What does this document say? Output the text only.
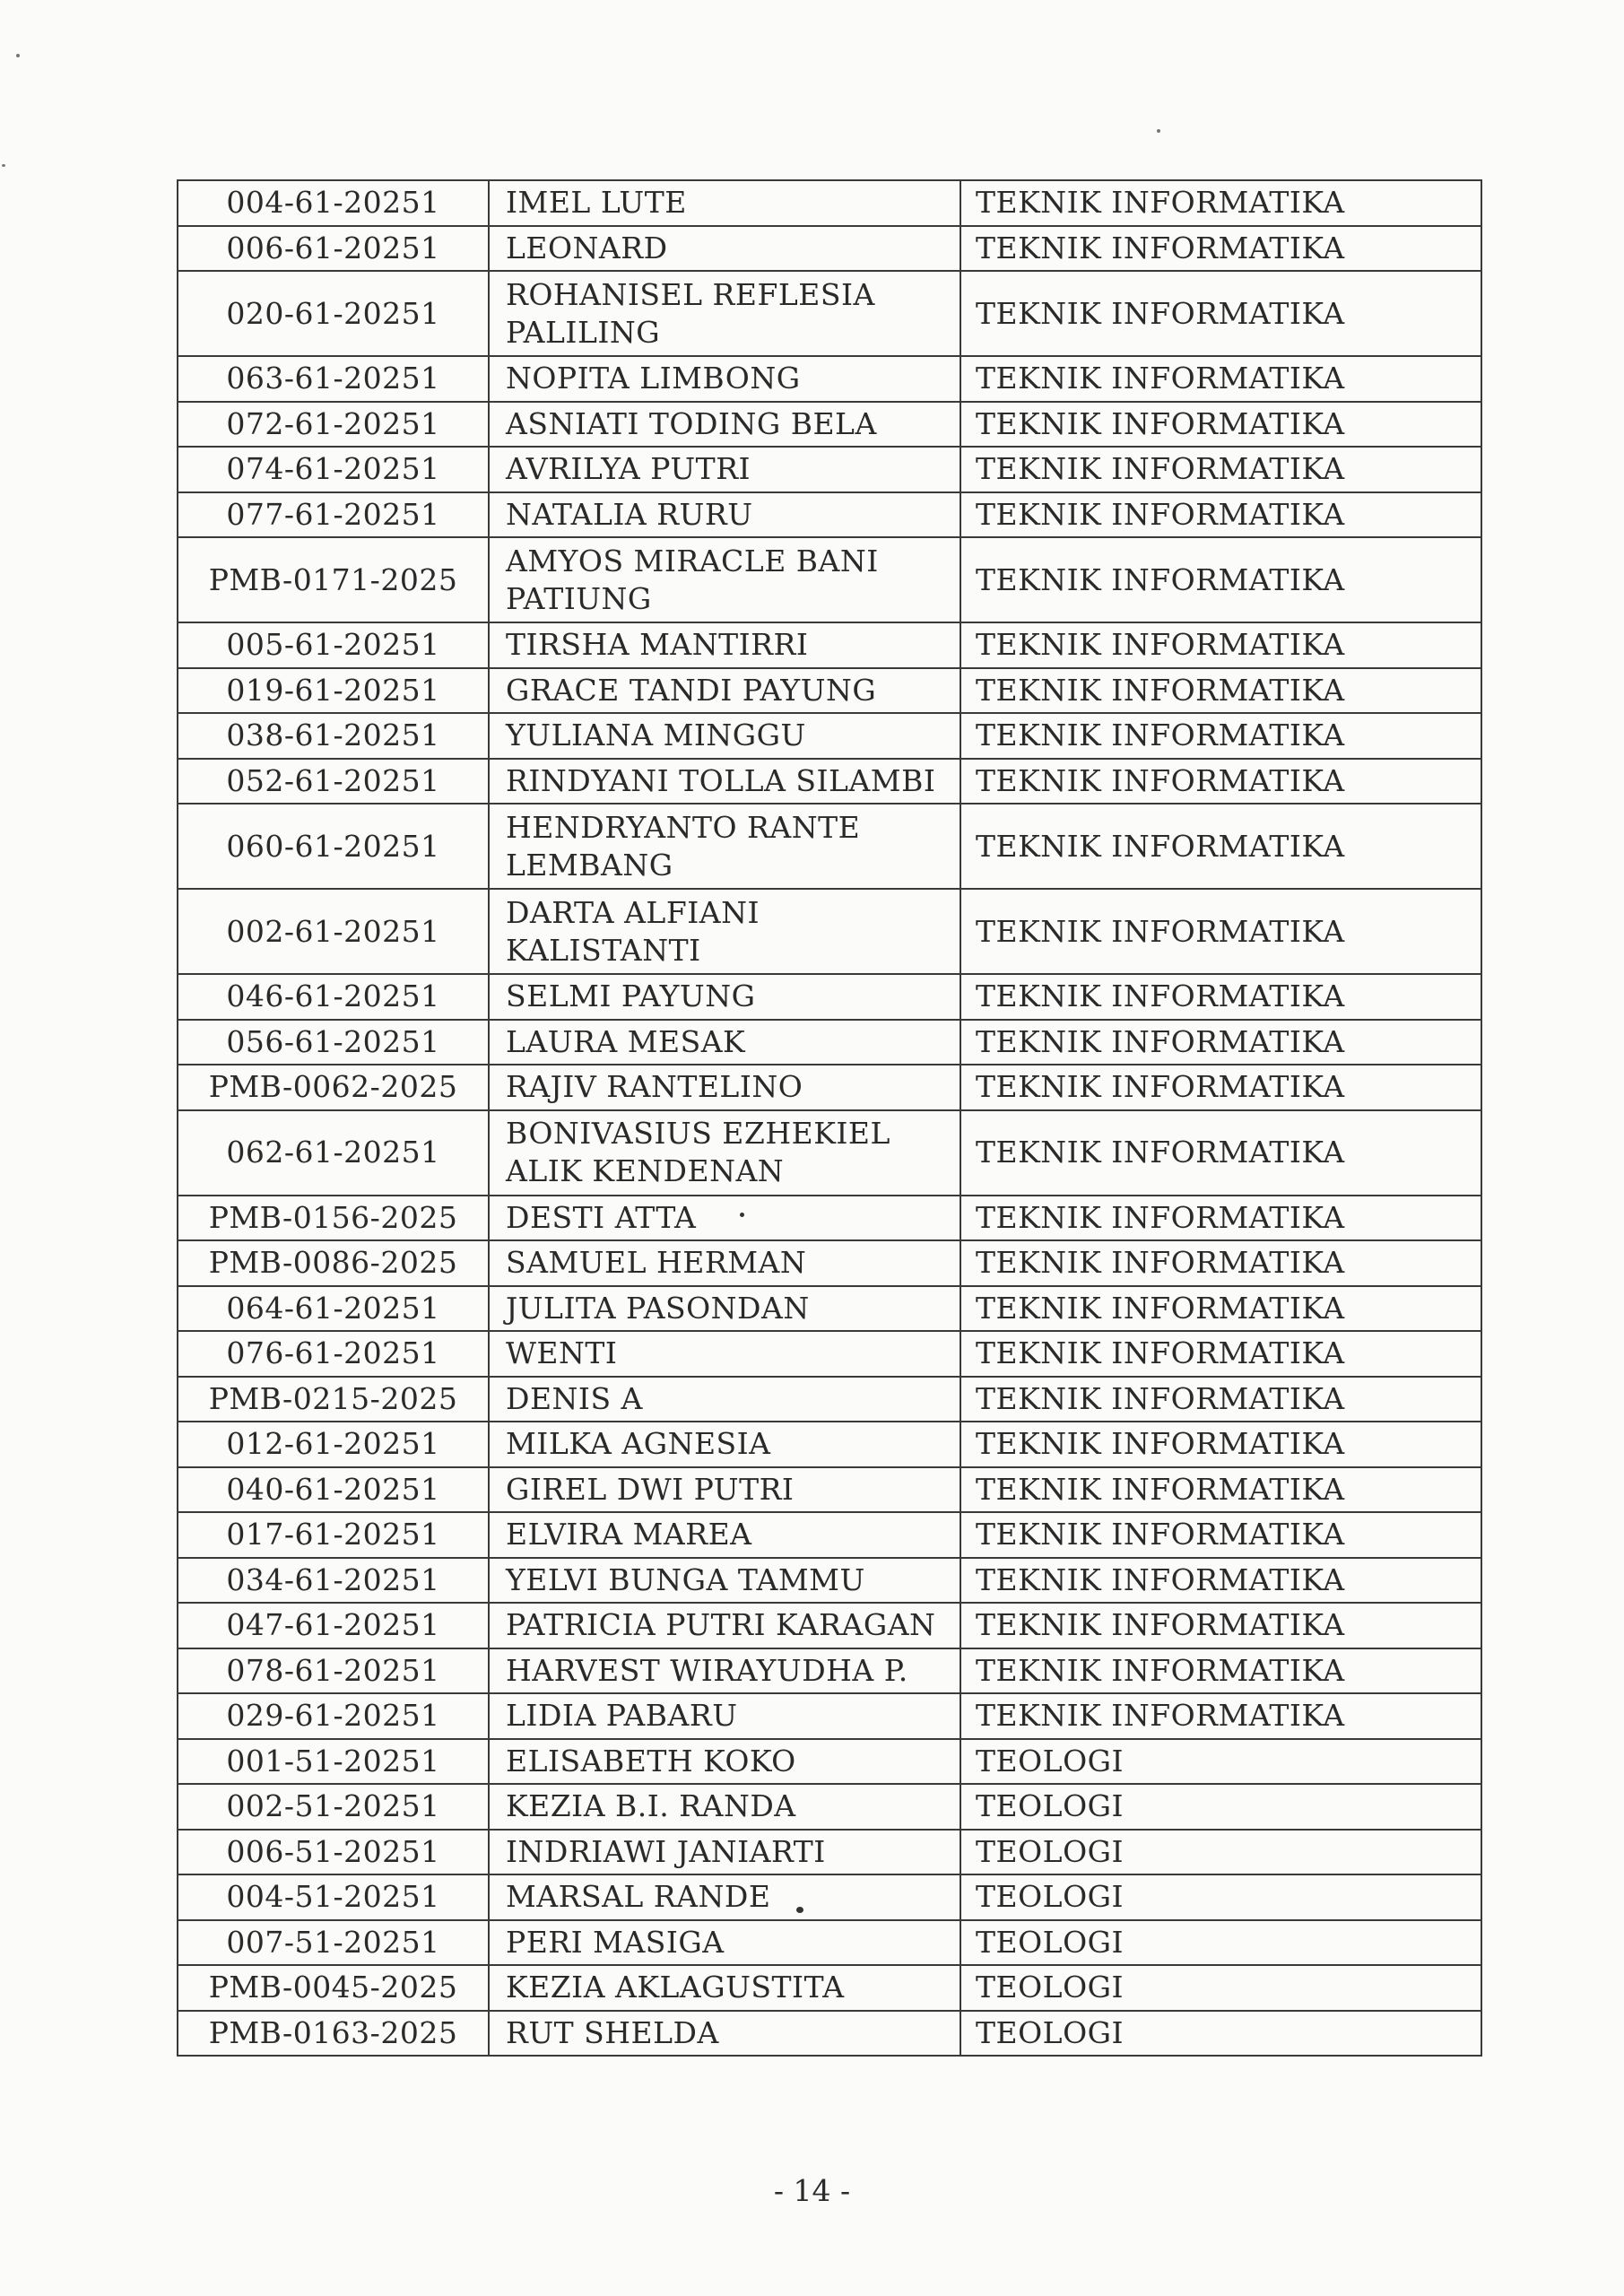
004-61-20251	IMEL LUTE	TEKNIK INFORMATIKA
006-61-20251	LEONARD	TEKNIK INFORMATIKA
020-61-20251	ROHANISEL REFLESIA PALILING	TEKNIK INFORMATIKA
063-61-20251	NOPITA LIMBONG	TEKNIK INFORMATIKA
072-61-20251	ASNIATI TODING BELA	TEKNIK INFORMATIKA
074-61-20251	AVRILYA PUTRI	TEKNIK INFORMATIKA
077-61-20251	NATALIA RURU	TEKNIK INFORMATIKA
PMB-0171-2025	AMYOS MIRACLE BANI PATIUNG	TEKNIK INFORMATIKA
005-61-20251	TIRSHA MANTIRRI	TEKNIK INFORMATIKA
019-61-20251	GRACE TANDI PAYUNG	TEKNIK INFORMATIKA
038-61-20251	YULIANA MINGGU	TEKNIK INFORMATIKA
052-61-20251	RINDYANI TOLLA SILAMBI	TEKNIK INFORMATIKA
060-61-20251	HENDRYANTO RANTE LEMBANG	TEKNIK INFORMATIKA
002-61-20251	DARTA ALFIANI KALISTANTI	TEKNIK INFORMATIKA
046-61-20251	SELMI PAYUNG	TEKNIK INFORMATIKA
056-61-20251	LAURA MESAK	TEKNIK INFORMATIKA
PMB-0062-2025	RAJIV RANTELINO	TEKNIK INFORMATIKA
062-61-20251	BONIVASIUS EZHEKIEL ALIK KENDENAN	TEKNIK INFORMATIKA
PMB-0156-2025	DESTI ATTA	TEKNIK INFORMATIKA
PMB-0086-2025	SAMUEL HERMAN	TEKNIK INFORMATIKA
064-61-20251	JULITA PASONDAN	TEKNIK INFORMATIKA
076-61-20251	WENTI	TEKNIK INFORMATIKA
PMB-0215-2025	DENIS A	TEKNIK INFORMATIKA
012-61-20251	MILKA AGNESIA	TEKNIK INFORMATIKA
040-61-20251	GIREL DWI PUTRI	TEKNIK INFORMATIKA
017-61-20251	ELVIRA MAREA	TEKNIK INFORMATIKA
034-61-20251	YELVI BUNGA TAMMU	TEKNIK INFORMATIKA
047-61-20251	PATRICIA PUTRI KARAGAN	TEKNIK INFORMATIKA
078-61-20251	HARVEST WIRAYUDHA P.	TEKNIK INFORMATIKA
029-61-20251	LIDIA PABARU	TEKNIK INFORMATIKA
001-51-20251	ELISABETH KOKO	TEOLOGI
002-51-20251	KEZIA B.I. RANDA	TEOLOGI
006-51-20251	INDRIAWI JANIARTI	TEOLOGI
004-51-20251	MARSAL RANDE	TEOLOGI
007-51-20251	PERI MASIGA	TEOLOGI
PMB-0045-2025	KEZIA AKLAGUSTITA	TEOLOGI
PMB-0163-2025	RUT SHELDA	TEOLOGI
- 14 -
